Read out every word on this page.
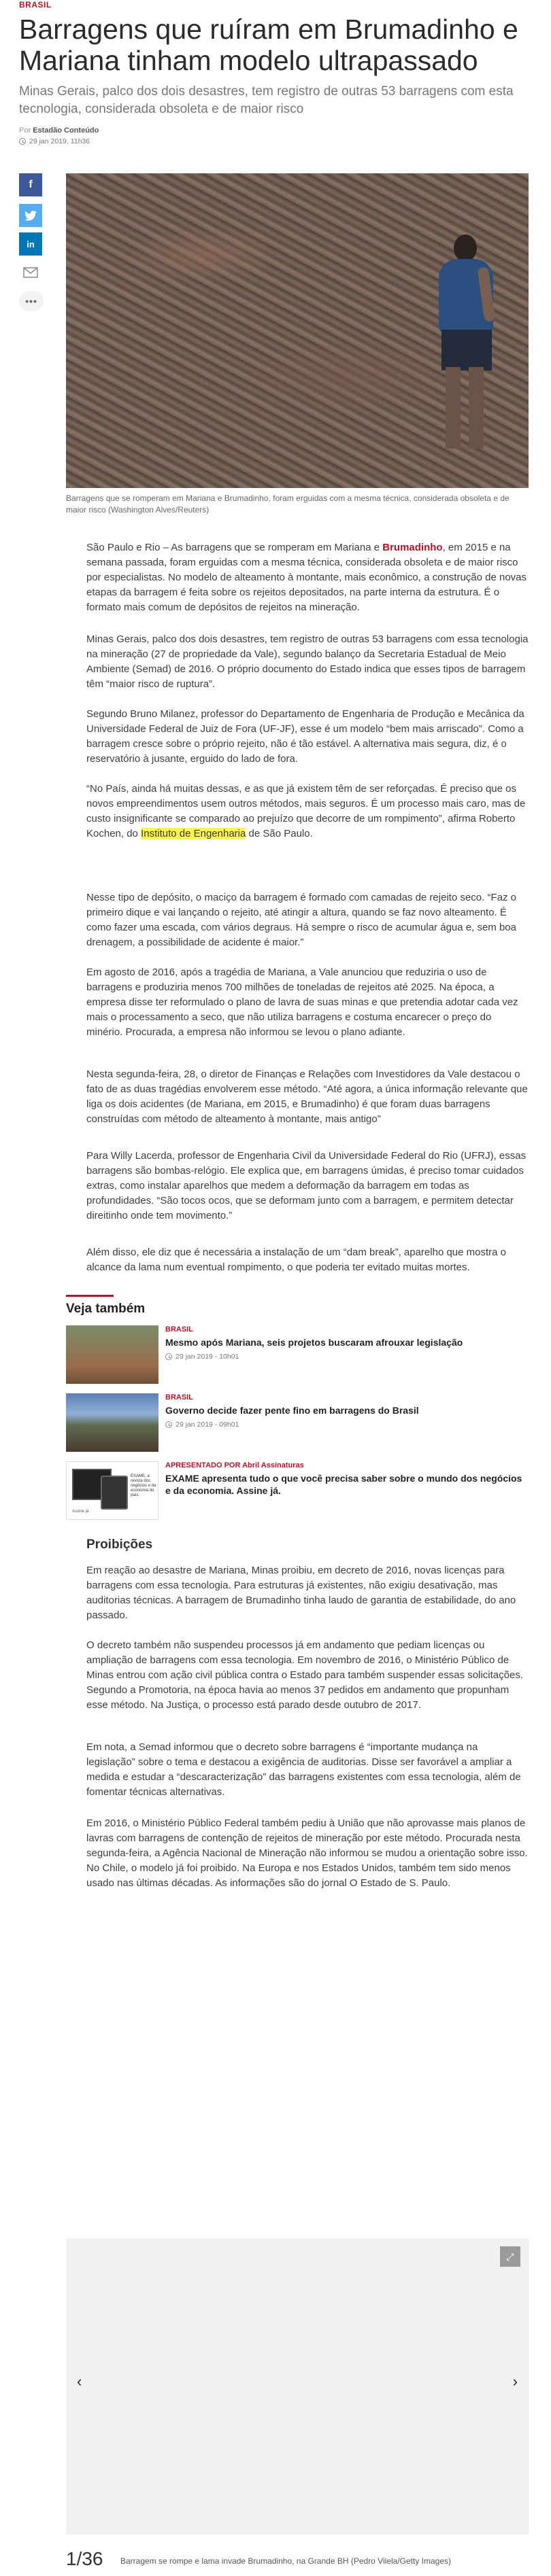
BRASIL
Barragens que ruíram em Brumadinho e Mariana tinham modelo ultrapassado

Minas Gerais, palco dos dois desastres, tem registro de outras 53 barragens com esta tecnologia, considerada obsoleta e de maior risco

Por Estadão Conteúdo
29 jan 2019, 11h36
f
in
•••

Barragens que se romperam em Mariana e Brumadinho, foram erguidas com a mesma técnica, considerada obsoleta e de maior risco (Washington Alves/Reuters)

São Paulo e Rio – As barragens que se romperam em Mariana e Brumadinho, em 2015 e na semana passada, foram erguidas com a mesma técnica, considerada obsoleta e de maior risco por especialistas. No modelo de alteamento à montante, mais econômico, a construção de novas etapas da barragem é feita sobre os rejeitos depositados, na parte interna da estrutura. É o formato mais comum de depósitos de rejeitos na mineração.

Minas Gerais, palco dos dois desastres, tem registro de outras 53 barragens com essa tecnologia na mineração (27 de propriedade da Vale), segundo balanço da Secretaria Estadual de Meio Ambiente (Semad) de 2016. O próprio documento do Estado indica que esses tipos de barragem têm “maior risco de ruptura”.

Segundo Bruno Milanez, professor do Departamento de Engenharia de Produção e Mecânica da Universidade Federal de Juiz de Fora (UF-JF), esse é um modelo “bem mais arriscado”. Como a barragem cresce sobre o próprio rejeito, não é tão estável. A alternativa mais segura, diz, é o reservatório à jusante, erguido do lado de fora.

“No País, ainda há muitas dessas, e as que já existem têm de ser reforçadas. É preciso que os novos empreendimentos usem outros métodos, mais seguros. É um processo mais caro, mas de custo insignificante se comparado ao prejuízo que decorre de um rompimento”, afirma Roberto Kochen, do Instituto de Engenharia de São Paulo.

Nesse tipo de depósito, o maciço da barragem é formado com camadas de rejeito seco. “Faz o primeiro dique e vai lançando o rejeito, até atingir a altura, quando se faz novo alteamento. É como fazer uma escada, com vários degraus. Há sempre o risco de acumular água e, sem boa drenagem, a possibilidade de acidente é maior.”

Em agosto de 2016, após a tragédia de Mariana, a Vale anunciou que reduziria o uso de barragens e produziria menos 700 milhões de toneladas de rejeitos até 2025. Na época, a empresa disse ter reformulado o plano de lavra de suas minas e que pretendia adotar cada vez mais o processamento a seco, que não utiliza barragens e costuma encarecer o preço do minério. Procurada, a empresa não informou se levou o plano adiante.

Nesta segunda-feira, 28, o diretor de Finanças e Relações com Investidores da Vale destacou o fato de as duas tragédias envolverem esse método. “Até agora, a única informação relevante que liga os dois acidentes (de Mariana, em 2015, e Brumadinho) é que foram duas barragens construídas com método de alteamento à montante, mais antigo”

Para Willy Lacerda, professor de Engenharia Civil da Universidade Federal do Rio (UFRJ), essas barragens são bombas-relógio. Ele explica que, em barragens úmidas, é preciso tomar cuidados extras, como instalar aparelhos que medem a deformação da barragem em todas as profundidades. “São tocos ocos, que se deformam junto com a barragem, e permitem detectar direitinho onde tem movimento.”

Além disso, ele diz que é necessária a instalação de um “dam break”, aparelho que mostra o alcance da lama num eventual rompimento, o que poderia ter evitado muitas mortes.

Veja também
BRASIL
Mesmo após Mariana, seis projetos buscaram afrouxar legislação
29 jan 2019 - 10h01
BRASIL
Governo decide fazer pente fino em barragens do Brasil
29 jan 2019 - 09h01
EXAME, a revista dos negócios e da economia do país.
Assine já
APRESENTADO POR Abril Assinaturas
EXAME apresenta tudo o que você precisa saber sobre o mundo dos negócios e da economia. Assine já.
Proibições

Em reação ao desastre de Mariana, Minas proibiu, em decreto de 2016, novas licenças para barragens com essa tecnologia. Para estruturas já existentes, não exigiu desativação, mas auditorias técnicas. A barragem de Brumadinho tinha laudo de garantia de estabilidade, do ano passado.

O decreto também não suspendeu processos já em andamento que pediam licenças ou ampliação de barragens com essa tecnologia. Em novembro de 2016, o Ministério Público de Minas entrou com ação civil pública contra o Estado para também suspender essas solicitações. Segundo a Promotoria, na época havia ao menos 37 pedidos em andamento que propunham esse método. Na Justiça, o processo está parado desde outubro de 2017.

Em nota, a Semad informou que o decreto sobre barragens é “importante mudança na legislação” sobre o tema e destacou a exigência de auditorias. Disse ser favorável a ampliar a medida e estudar a “descaracterização” das barragens existentes com essa tecnologia, além de fomentar técnicas alternativas.

Em 2016, o Ministério Público Federal também pediu à União que não aprovasse mais planos de lavras com barragens de contenção de rejeitos de mineração por este método. Procurada nesta segunda-feira, a Agência Nacional de Mineração não informou se mudou a orientação sobre isso. No Chile, o modelo já foi proibido. Na Europa e nos Estados Unidos, também tem sido menos usado nas últimas décadas. As informações são do jornal O Estado de S. Paulo.

⤢
‹	›
1/36 Barragem se rompe e lama invade Brumadinho, na Grande BH (Pedro Vilela/Getty Images)
